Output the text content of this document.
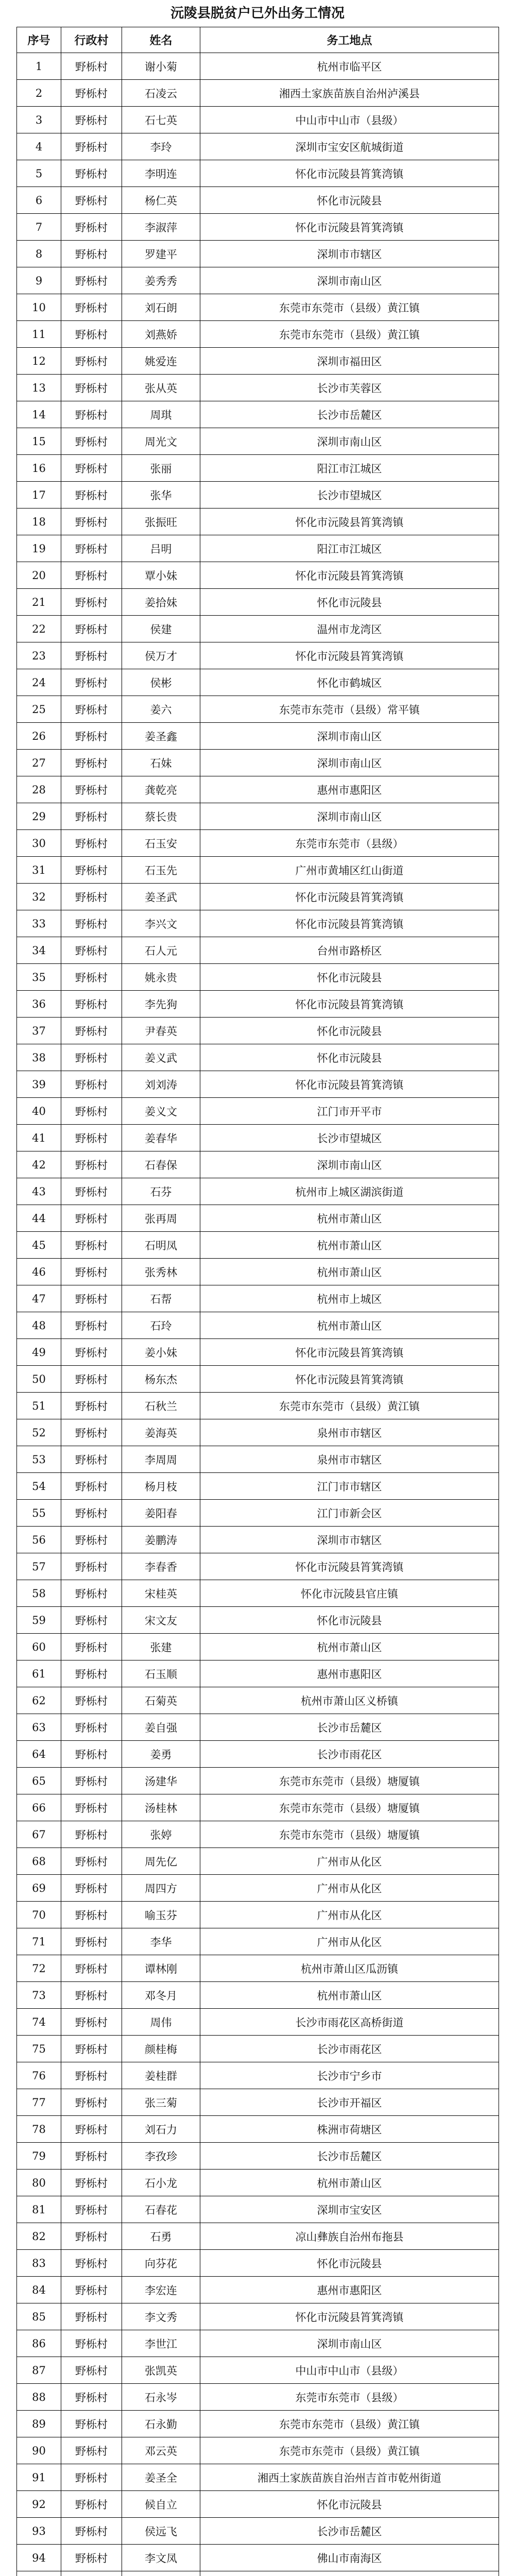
沅陵县脱贫户已外出务工情况
序号	行政村	姓名	务工地点
1	野栎村	谢小菊	杭州市临平区
2	野栎村	石凌云	湘西土家族苗族自治州泸溪县
3	野栎村	石七英	中山市中山市（县级）
4	野栎村	李玲	深圳市宝安区航城街道
5	野栎村	李明连	怀化市沅陵县筲箕湾镇
6	野栎村	杨仁英	怀化市沅陵县
7	野栎村	李淑萍	怀化市沅陵县筲箕湾镇
8	野栎村	罗建平	深圳市市辖区
9	野栎村	姜秀秀	深圳市南山区
10	野栎村	刘石朗	东莞市东莞市（县级）黄江镇
11	野栎村	刘燕娇	东莞市东莞市（县级）黄江镇
12	野栎村	姚爱连	深圳市福田区
13	野栎村	张从英	长沙市芙蓉区
14	野栎村	周琪	长沙市岳麓区
15	野栎村	周光文	深圳市南山区
16	野栎村	张丽	阳江市江城区
17	野栎村	张华	长沙市望城区
18	野栎村	张振旺	怀化市沅陵县筲箕湾镇
19	野栎村	吕明	阳江市江城区
20	野栎村	覃小妹	怀化市沅陵县筲箕湾镇
21	野栎村	姜拾妹	怀化市沅陵县
22	野栎村	侯建	温州市龙湾区
23	野栎村	侯万才	怀化市沅陵县筲箕湾镇
24	野栎村	侯彬	怀化市鹤城区
25	野栎村	姜六	东莞市东莞市（县级）常平镇
26	野栎村	姜圣鑫	深圳市南山区
27	野栎村	石妹	深圳市南山区
28	野栎村	龚乾亮	惠州市惠阳区
29	野栎村	蔡长贵	深圳市南山区
30	野栎村	石玉安	东莞市东莞市（县级）
31	野栎村	石玉先	广州市黄埔区红山街道
32	野栎村	姜圣武	怀化市沅陵县筲箕湾镇
33	野栎村	李兴文	怀化市沅陵县筲箕湾镇
34	野栎村	石人元	台州市路桥区
35	野栎村	姚永贵	怀化市沅陵县
36	野栎村	李先狗	怀化市沅陵县筲箕湾镇
37	野栎村	尹春英	怀化市沅陵县
38	野栎村	姜义武	怀化市沅陵县
39	野栎村	刘刘涛	怀化市沅陵县筲箕湾镇
40	野栎村	姜义文	江门市开平市
41	野栎村	姜春华	长沙市望城区
42	野栎村	石春保	深圳市南山区
43	野栎村	石芬	杭州市上城区湖滨街道
44	野栎村	张再周	杭州市萧山区
45	野栎村	石明凤	杭州市萧山区
46	野栎村	张秀林	杭州市萧山区
47	野栎村	石帮	杭州市上城区
48	野栎村	石玲	杭州市萧山区
49	野栎村	姜小妹	怀化市沅陵县筲箕湾镇
50	野栎村	杨东杰	怀化市沅陵县筲箕湾镇
51	野栎村	石秋兰	东莞市东莞市（县级）黄江镇
52	野栎村	姜海英	泉州市市辖区
53	野栎村	李周周	泉州市市辖区
54	野栎村	杨月枝	江门市市辖区
55	野栎村	姜阳春	江门市新会区
56	野栎村	姜鹏涛	深圳市市辖区
57	野栎村	李春香	怀化市沅陵县筲箕湾镇
58	野栎村	宋桂英	怀化市沅陵县官庄镇
59	野栎村	宋文友	怀化市沅陵县
60	野栎村	张建	杭州市萧山区
61	野栎村	石玉顺	惠州市惠阳区
62	野栎村	石菊英	杭州市萧山区义桥镇
63	野栎村	姜自强	长沙市岳麓区
64	野栎村	姜勇	长沙市雨花区
65	野栎村	汤建华	东莞市东莞市（县级）塘厦镇
66	野栎村	汤桂林	东莞市东莞市（县级）塘厦镇
67	野栎村	张婷	东莞市东莞市（县级）塘厦镇
68	野栎村	周先亿	广州市从化区
69	野栎村	周四方	广州市从化区
70	野栎村	喻玉芬	广州市从化区
71	野栎村	李华	广州市从化区
72	野栎村	谭林刚	杭州市萧山区瓜沥镇
73	野栎村	邓冬月	杭州市萧山区
74	野栎村	周伟	长沙市雨花区高桥街道
75	野栎村	颜桂梅	长沙市雨花区
76	野栎村	姜桂群	长沙市宁乡市
77	野栎村	张三菊	长沙市开福区
78	野栎村	刘石力	株洲市荷塘区
79	野栎村	李孜珍	长沙市岳麓区
80	野栎村	石小龙	杭州市萧山区
81	野栎村	石春花	深圳市宝安区
82	野栎村	石勇	凉山彝族自治州布拖县
83	野栎村	向芬花	怀化市沅陵县
84	野栎村	李宏连	惠州市惠阳区
85	野栎村	李文秀	怀化市沅陵县筲箕湾镇
86	野栎村	李世江	深圳市南山区
87	野栎村	张凯英	中山市中山市（县级）
88	野栎村	石永岑	东莞市东莞市（县级）
89	野栎村	石永勤	东莞市东莞市（县级）黄江镇
90	野栎村	邓云英	东莞市东莞市（县级）黄江镇
91	野栎村	姜圣全	湘西土家族苗族自治州吉首市乾州街道
92	野栎村	候自立	怀化市沅陵县
93	野栎村	侯远飞	长沙市岳麓区
94	野栎村	李文凤	佛山市南海区
